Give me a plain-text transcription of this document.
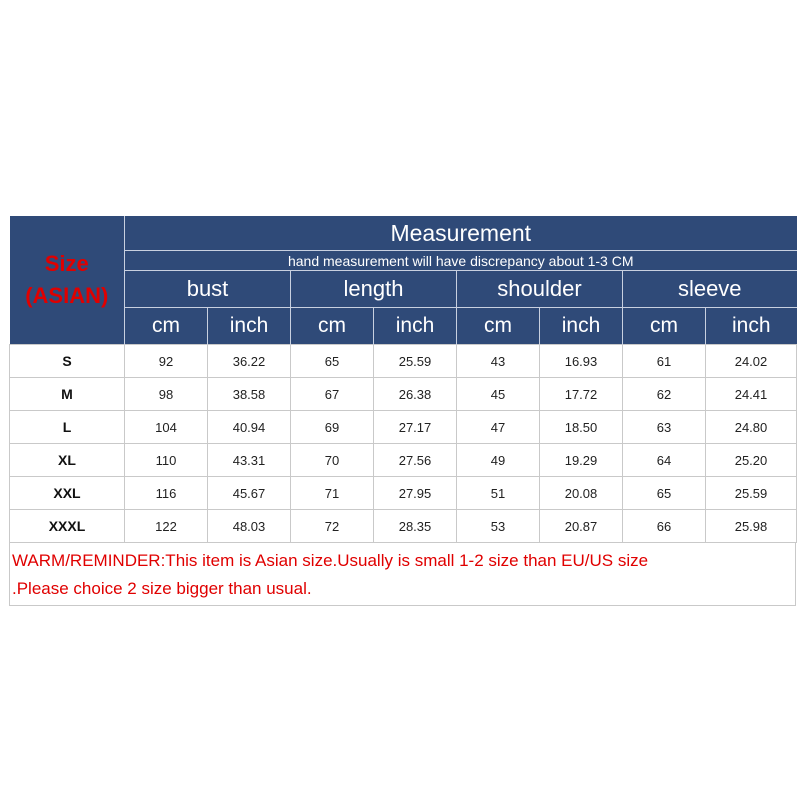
Size
(ASIAN)	Measurement							
	hand measurement will have discrepancy about 1-3 CM							
	bust		length		shoulder		sleeve	
	cm	inch	cm	inch	cm	inch	cm	inch
S	92	36.22	65	25.59	43	16.93	61	24.02
M	98	38.58	67	26.38	45	17.72	62	24.41
L	104	40.94	69	27.17	47	18.50	63	24.80
XL	110	43.31	70	27.56	49	19.29	64	25.20
XXL	116	45.67	71	27.95	51	20.08	65	25.59
XXXL	122	48.03	72	28.35	53	20.87	66	25.98
WARM/REMINDER:This item is Asian size.Usually is small 1-2 size than EU/US size
.Please choice 2 size bigger than usual.
